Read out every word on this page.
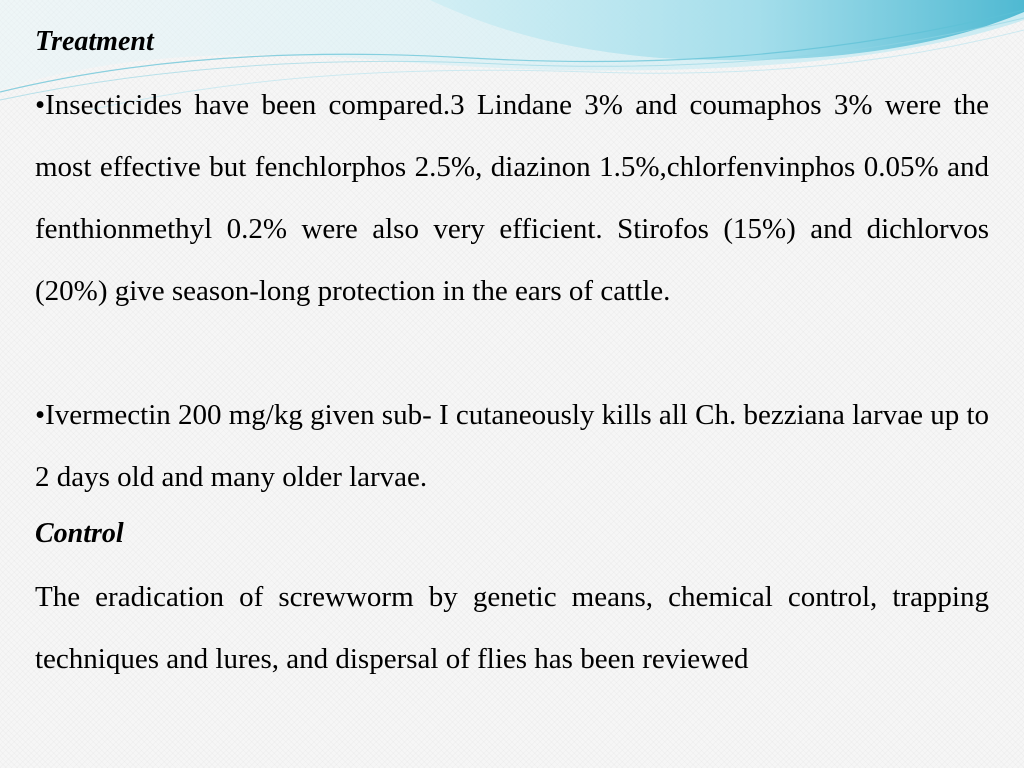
Treatment
•Insecticides have been compared.3 Lindane 3% and coumaphos 3% were the most effective but fenchlorphos 2.5%, diazinon 1.5%,chlorfenvinphos 0.05% and fenthionmethyl 0.2% were also very efficient. Stirofos (15%) and dichlorvos (20%) give season-long protection in the ears of cattle.
•Ivermectin 200 mg/kg given sub- I cutaneously kills all Ch. bezziana larvae up to 2 days old and many older larvae.
Control
The eradication of screwworm by genetic means, chemical control, trapping techniques and lures, and dispersal of flies has been reviewed
